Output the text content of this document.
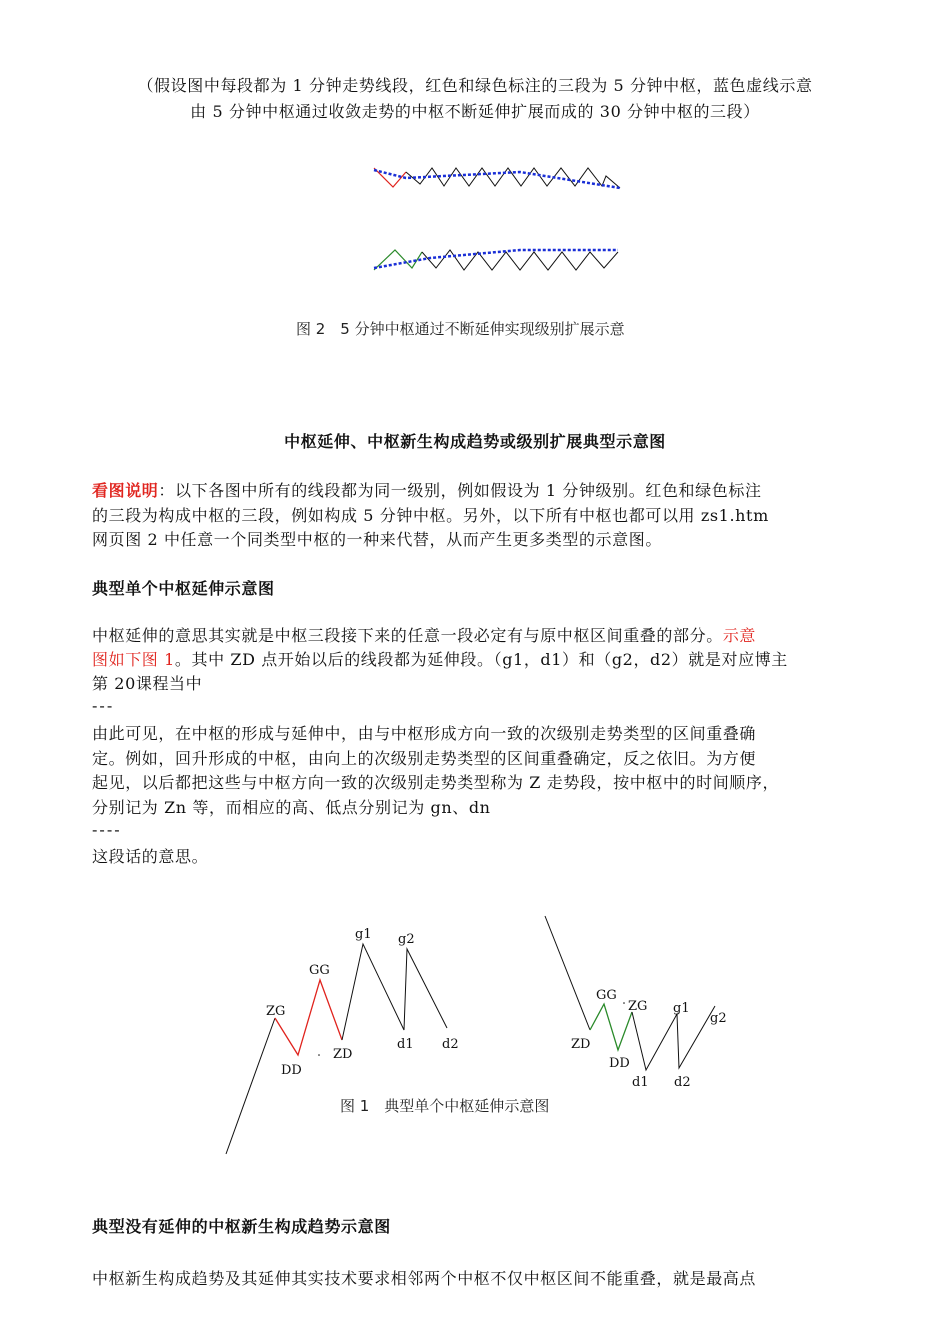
（假设图中每段都为 1 分钟走势线段，红色和绿色标注的三段为 5 分钟中枢，蓝色虚线示意
由 5 分钟中枢通过收敛走势的中枢不断延伸扩展而成的 30 分钟中枢的三段）
图 2　5 分钟中枢通过不断延伸实现级别扩展示意
中枢延伸、中枢新生构成趋势或级别扩展典型示意图
看图说明：以下各图中所有的线段都为同一级别，例如假设为 1 分钟级别。红色和绿色标注
的三段为构成中枢的三段，例如构成 5 分钟中枢。另外，以下所有中枢也都可以用 zs1.htm
网页图 2 中任意一个同类型中枢的一种来代替，从而产生更多类型的示意图。
典型单个中枢延伸示意图
中枢延伸的意思其实就是中枢三段接下来的任意一段必定有与原中枢区间重叠的部分。示意
图如下图 1。其中 ZD 点开始以后的线段都为延伸段。（g1，d1）和（g2，d2）就是对应博主
第 20课程当中
---
由此可见，在中枢的形成与延伸中，由与中枢形成方向一致的次级别走势类型的区间重叠确
定。例如，回升形成的中枢，由向上的次级别走势类型的区间重叠确定，反之依旧。为方便
起见，以后都把这些与中枢方向一致的次级别走势类型称为 Z 走势段，按中枢中的时间顺序，
分别记为 Zn 等，而相应的高、低点分别记为 gn、dn
----
这段话的意思。
ZG
DD
GG
ZD
g1
d1
g2
d2
GG
ZG
ZD
DD
d1
g1
d2
g2
图 1　典型单个中枢延伸示意图
典型没有延伸的中枢新生构成趋势示意图
中枢新生构成趋势及其延伸其实技术要求相邻两个中枢不仅中枢区间不能重叠，就是最高点
